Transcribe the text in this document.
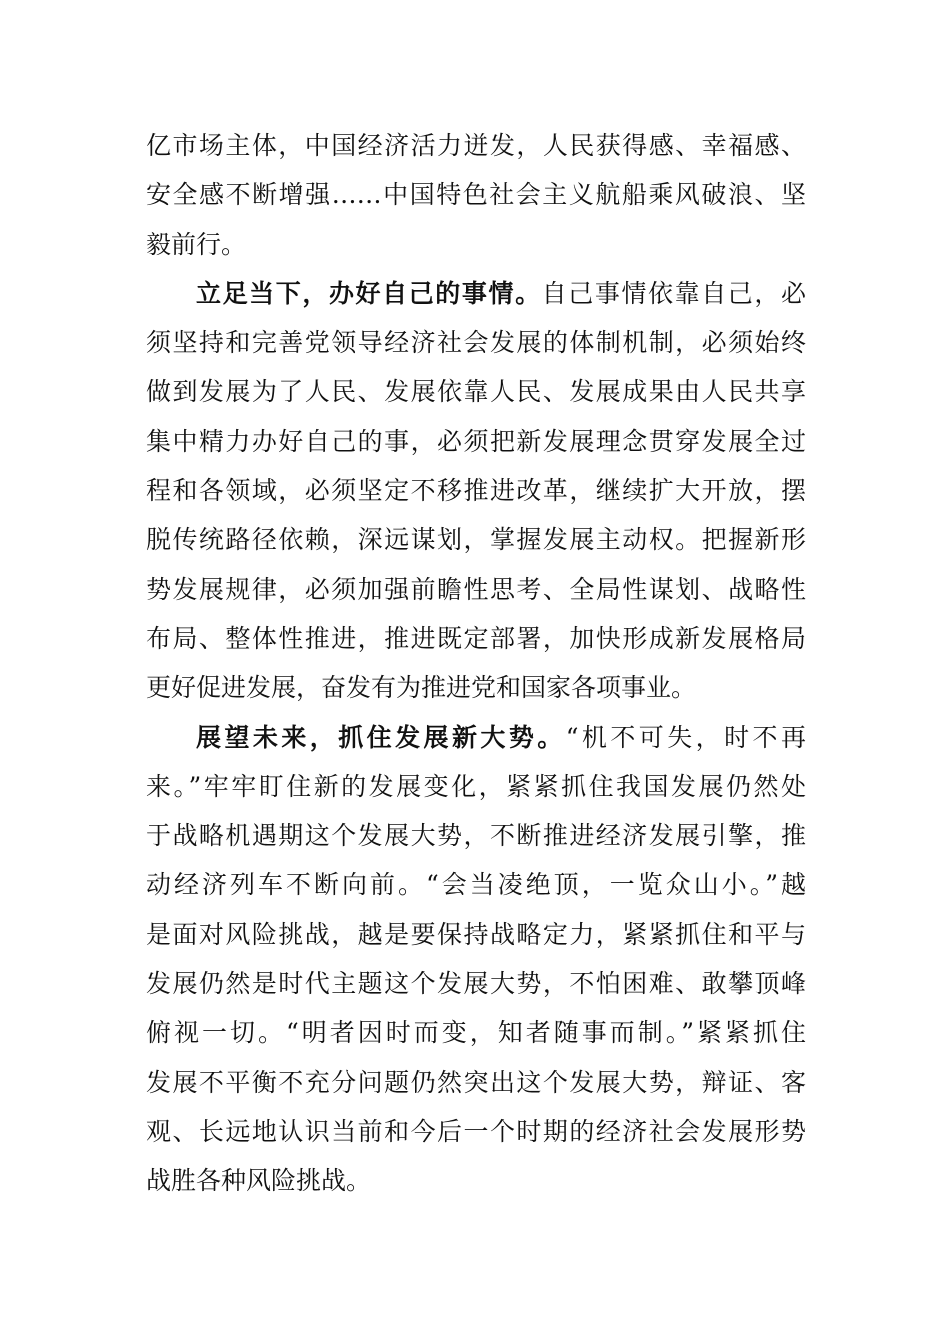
亿市场主体，中国经济活力迸发，人民获得感、幸福感、
安全感不断增强……中国特色社会主义航船乘风破浪、坚
毅前行。
立足当下，办好自己的事情。自己事情依靠自己，必
须坚持和完善党领导经济社会发展的体制机制，必须始终
做到发展为了人民、发展依靠人民、发展成果由人民共享
集中精力办好自己的事，必须把新发展理念贯穿发展全过
程和各领域，必须坚定不移推进改革，继续扩大开放，摆
脱传统路径依赖，深远谋划，掌握发展主动权。把握新形
势发展规律，必须加强前瞻性思考、全局性谋划、战略性
布局、整体性推进，推进既定部署，加快形成新发展格局
更好促进发展，奋发有为推进党和国家各项事业。
展望未来，抓住发展新大势。“机不可失，时不再
来。”牢牢盯住新的发展变化，紧紧抓住我国发展仍然处
于战略机遇期这个发展大势，不断推进经济发展引擎，推
动经济列车不断向前。“会当凌绝顶，一览众山小。”越
是面对风险挑战，越是要保持战略定力，紧紧抓住和平与
发展仍然是时代主题这个发展大势，不怕困难、敢攀顶峰
俯视一切。“明者因时而变，知者随事而制。”紧紧抓住
发展不平衡不充分问题仍然突出这个发展大势，辩证、客
观、长远地认识当前和今后一个时期的经济社会发展形势
战胜各种风险挑战。
